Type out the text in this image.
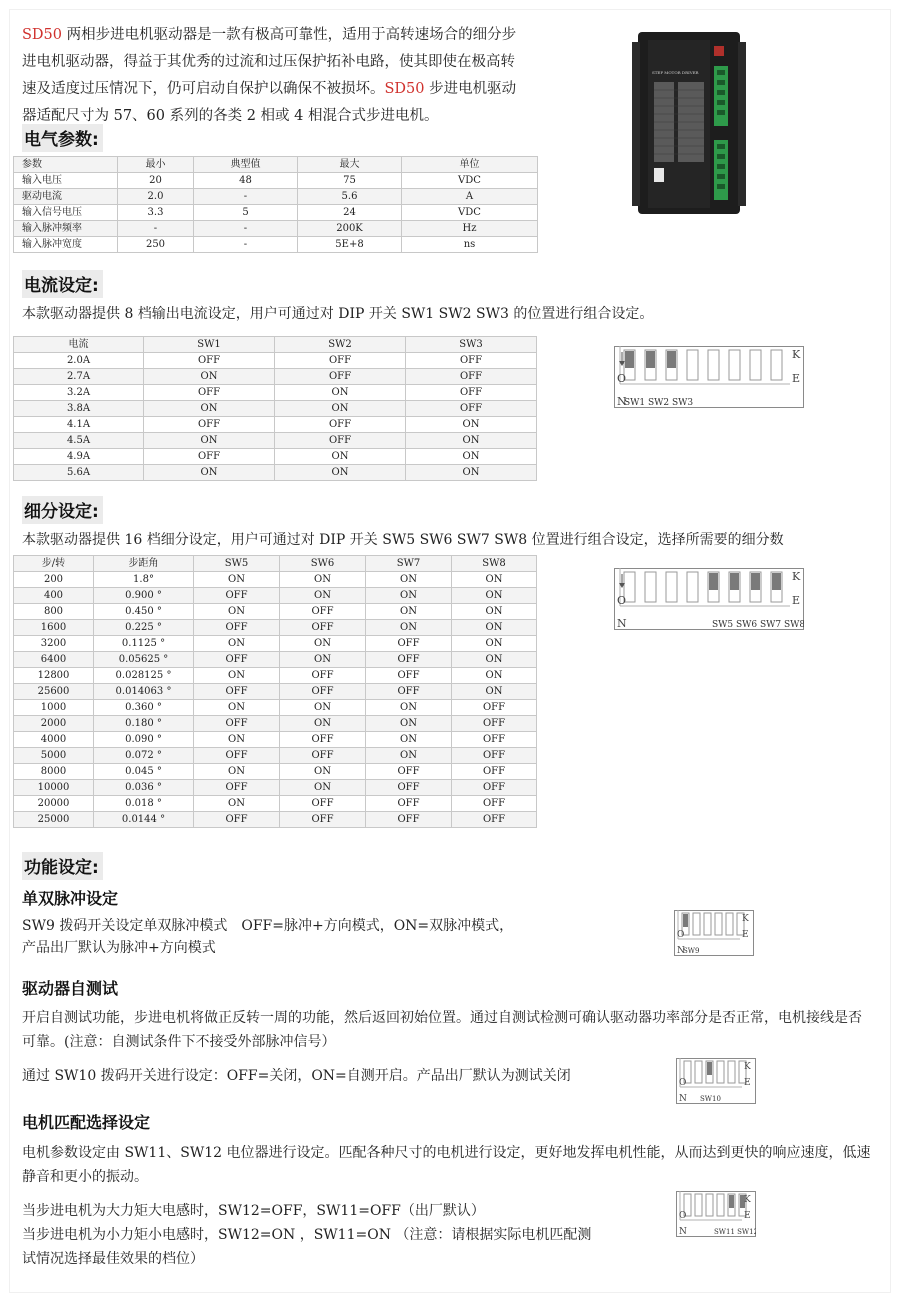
SD50 两相步进电机驱动器是一款有极高可靠性，适用于高转速场合的细分步进电机驱动器，得益于其优秀的过流和过压保护拓补电路，使其即使在极高转速及适度过压情况下，仍可启动自保护以确保不被损坏。SD50 步进电机驱动器适配尺寸为 57、60 系列的各类 2 相或 4 相混合式步进电机。

STEP MOTOR DRIVER
电气参数:
参数	最小	典型值	最大	单位
输入电压	20	48	75	VDC
驱动电流	2.0	-	5.6	A
输入信号电压	3.3	5	24	VDC
输入脉冲频率	-	-	200K	Hz
输入脉冲宽度	250	-	5E+8	ns
电流设定:

本款驱动器提供 8 档输出电流设定，用户可通过对 DIP 开关 SW1 SW2 SW3 的位置进行组合设定。

电流	SW1	SW2	SW3
2.0A	OFF	OFF	OFF
2.7A	ON	OFF	OFF
3.2A	OFF	ON	OFF
3.8A	ON	ON	OFF
4.1A	OFF	OFF	ON
4.5A	ON	OFF	ON
4.9A	OFF	ON	ON
5.6A	ON	ON	ON
O
N
K
E
SW1 SW2 SW3
细分设定:

本款驱动器提供 16 档细分设定，用户可通过对 DIP 开关 SW5 SW6 SW7 SW8 位置进行组合设定，选择所需要的细分数

步/转	步距角	SW5	SW6	SW7	SW8
200	1.8°	ON	ON	ON	ON
400	0.900 °	OFF	ON	ON	ON
800	0.450 °	ON	OFF	ON	ON
1600	0.225 °	OFF	OFF	ON	ON
3200	0.1125 °	ON	ON	OFF	ON
6400	0.05625 °	OFF	ON	OFF	ON
12800	0.028125 °	ON	OFF	OFF	ON
25600	0.014063 °	OFF	OFF	OFF	ON
1000	0.360 °	ON	ON	ON	OFF
2000	0.180 °	OFF	ON	ON	OFF
4000	0.090 °	ON	OFF	ON	OFF
5000	0.072 °	OFF	OFF	ON	OFF
8000	0.045 °	ON	ON	OFF	OFF
10000	0.036 °	OFF	ON	OFF	OFF
20000	0.018 °	ON	OFF	OFF	OFF
25000	0.0144 °	OFF	OFF	OFF	OFF
O
N
K
E
SW5 SW6 SW7 SW8
功能设定:
单双脉冲设定

SW9 拨码开关设定单双脉冲模式　OFF=脉冲+方向模式，ON=双脉冲模式，

产品出厂默认为脉冲+方向模式

O
N
K
E
SW9
驱动器自测试

开启自测试功能，步进电机将做正反转一周的功能，然后返回初始位置。通过自测试检测可确认驱动器功率部分是否正常，电机接线是否可靠。(注意：自测试条件下不接受外部脉冲信号）

通过 SW10 拨码开关进行设定：OFF=关闭，ON=自测开启。产品出厂默认为测试关闭	O
N
K
E
SW10
电机匹配选择设定

电机参数设定由 SW11、SW12 电位器进行设定。匹配各种尺寸的电机进行设定，更好地发挥电机性能，从而达到更快的响应速度，低速静音和更小的振动。

当步进电机为大力矩大电感时，SW12=OFF，SW11=OFF（出厂默认）

当步进电机为小力矩小电感时，SW12=ON ，SW11=ON （注意：请根据实际电机匹配测试情况选择最佳效果的档位）

O
N
K
E
SW11 SW12
